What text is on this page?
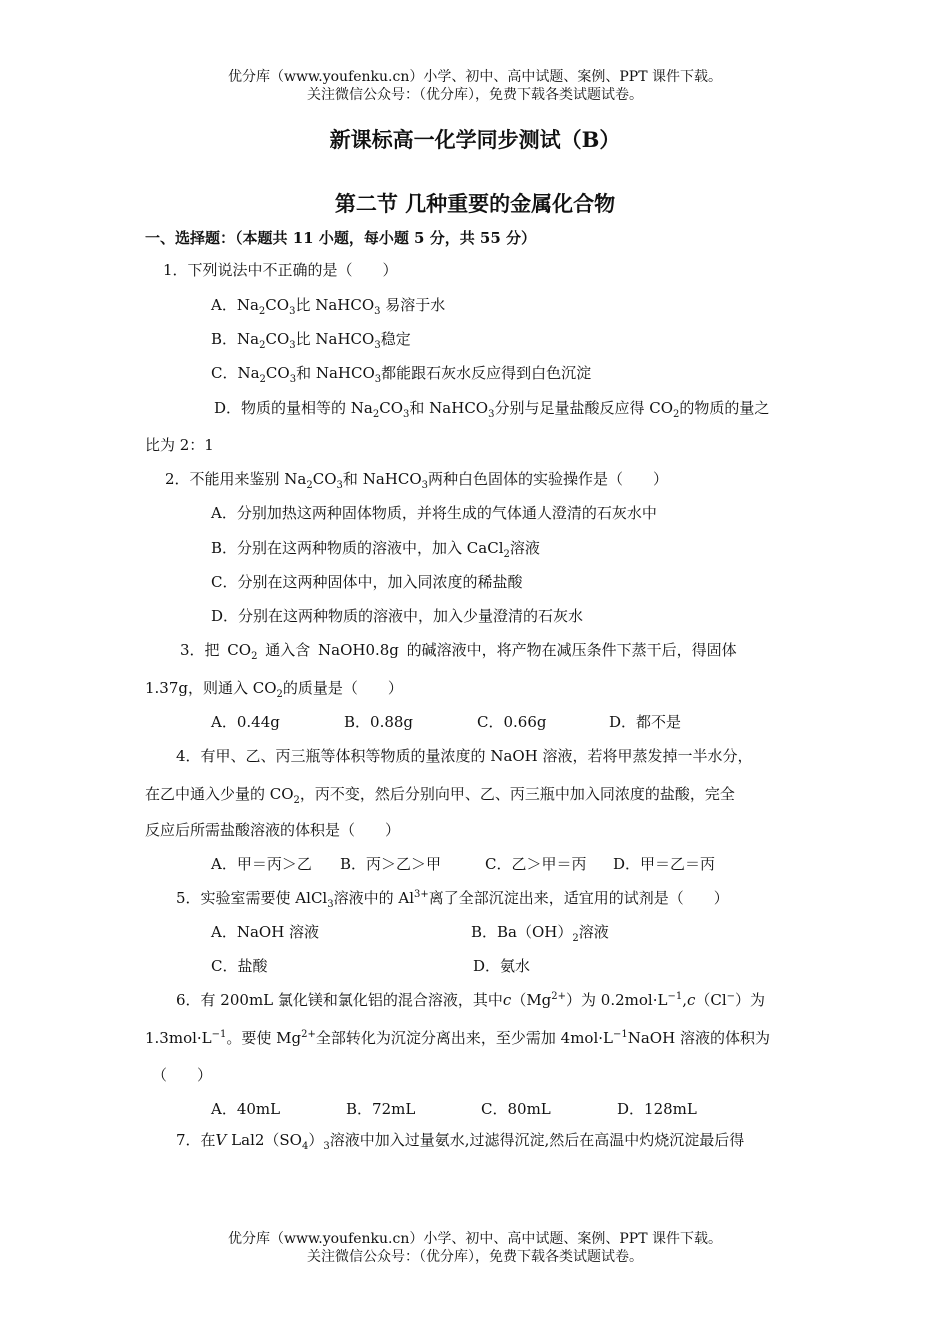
优分库（www.youfenku.cn）小学、初中、高中试题、案例、PPT 课件下载。
关注微信公众号：（优分库），免费下载各类试题试卷。
新课标高一化学同步测试（B）
第二节 几种重要的金属化合物
一、选择题：（本题共 11 小题，每小题 5 分，共 55 分）
1．下列说法中不正确的是（　　）
A．$Na_2CO_3$比 NaHCO$_3$ 易溶于水
B．$Na_2CO_3$比 NaHCO$_3$稳定
C．$Na_2CO_3$和 NaHCO$_3$都能跟石灰水反应得到白色沉淀
D．物质的量相等的 $Na_2CO_3$和 NaHCO$_3$分别与足量盐酸反应得 $CO_2$的物质的量之
比为 2：1
2．不能用来鉴别 $Na_2CO_3$和 NaHCO$_3$两种白色固体的实验操作是（　　）
A．分别加热这两种固体物质，并将生成的气体通人澄清的石灰水中
B．分别在这两种物质的溶液中，加入 CaCl$_2$溶液
C．分别在这两种固体中，加入同浓度的稀盐酸
D．分别在这两种物质的溶液中，加入少量澄清的石灰水
3．把 $CO_2$ 通入含 NaOH0.8g 的碱溶液中，将产物在减压条件下蒸干后，得固体
1.37g，则通入 $CO_2$的质量是（　　）
A．0.44g	B．0.88g	C．0.66g	D．都不是
4．有甲、乙、丙三瓶等体积等物质的量浓度的 NaOH 溶液，若将甲蒸发掉一半水分，
在乙中通入少量的 $CO_2$，丙不变，然后分别向甲、乙、丙三瓶中加入同浓度的盐酸，完全
反应后所需盐酸溶液的体积是（　　）
A．甲＝丙＞乙 B．丙＞乙＞甲	C．乙＞甲＝丙 D．甲＝乙＝丙
5．实验室需要使 AlCl$_3$溶液中的 $Al^{3+}$离了全部沉淀出来，适宜用的试剂是（　　）
A．NaOH 溶液	B．$Ba(OH)_2$溶液
C．盐酸	D．氨水
6．有 200mL 氯化镁和氯化铝的混合溶液，其中$c(Mg^{2+})$为 $0.2mol\cdot L^{-1},c(Cl^-)$为
$1.3mol\cdot L^{-1}$。要使 $Mg^{2+}$全部转化为沉淀分离出来，至少需加 $4mol\cdot L^{-1}NaOH$ 溶液的体积为
（　　）
A．40mL	B．72mL	C．80mL	D．128mL
7．在V $Lal2(SO_4)_3$溶液中加入过量氨水,过滤得沉淀,然后在高温中灼烧沉淀最后得
优分库（www.youfenku.cn）小学、初中、高中试题、案例、PPT 课件下载。
关注微信公众号：（优分库），免费下载各类试题试卷。
